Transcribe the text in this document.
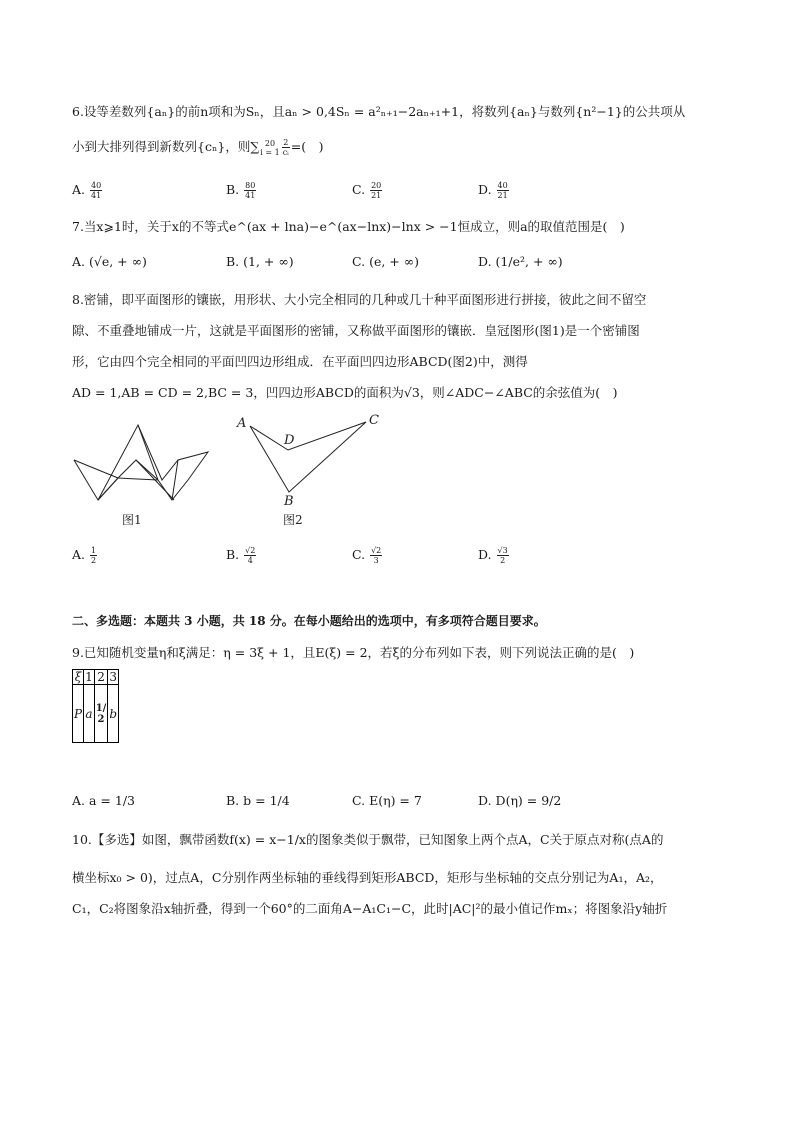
6.设等差数列{aₙ}的前n项和为Sₙ，且aₙ > 0,4Sₙ = a²ₙ₊₁−2aₙ₊₁+1，将数列{aₙ}与数列{n²−1}的公共项从
小到大排列得到新数列{cₙ}，则∑ 20
$i = 1 \frac{2}{\text{cᵢ}}$ =(　)
A. $\frac{40}{41}$	B. $\frac{80}{41}$	C. $\frac{20}{21}$	D. $\frac{40}{21}$
7.当x⩾1时，关于x的不等式e^(ax + lna)−e^(ax−lnx)−lnx > −1恒成立，则a的取值范围是(　)
A. (√e, + ∞)	B. (1, + ∞)	C. (e, + ∞)	D. (1/e², + ∞)
8.密铺，即平面图形的镶嵌，用形状、大小完全相同的几种或几十种平面图形进行拼接，彼此之间不留空
隙、不重叠地铺成一片，这就是平面图形的密铺，又称做平面图形的镶嵌．皇冠图形(图1)是一个密铺图
形，它由四个完全相同的平面凹四边形组成．在平面凹四边形ABCD(图2)中，测得
AD = 1,AB = CD = 2,BC = 3，凹四边形ABCD的面积为√3，则∠ADC−∠ABC的余弦值为(　)
图1
A
D
C
B
图2
A. $\frac{1}{2}$	B. $\frac{√2}{4}$	C. $\frac{√2}{3}$	D. $\frac{√3}{2}$
二、多选题：本题共 3 小题，共 18 分。在每小题给出的选项中，有多项符合题目要求。
9.已知随机变量η和ξ满足：η = 3ξ + 1，且E(ξ) = 2，若ξ的分布列如下表，则下列说法正确的是(　)
ξ	1	2	3
P	a	1/2	b
A. a = 1/3	B. b = 1/4	C. E(η) = 7	D. D(η) = 9/2
10.【多选】如图，飘带函数f(x) = x−1/x的图象类似于飘带，已知图象上两个点A，C关于原点对称(点A的
横坐标x₀ > 0)，过点A，C分别作两坐标轴的垂线得到矩形ABCD，矩形与坐标轴的交点分别记为A₁，A₂，
C₁，C₂将图象沿x轴折叠，得到一个60°的二面角A−A₁C₁−C，此时|AC|²的最小值记作mₓ；将图象沿y轴折
